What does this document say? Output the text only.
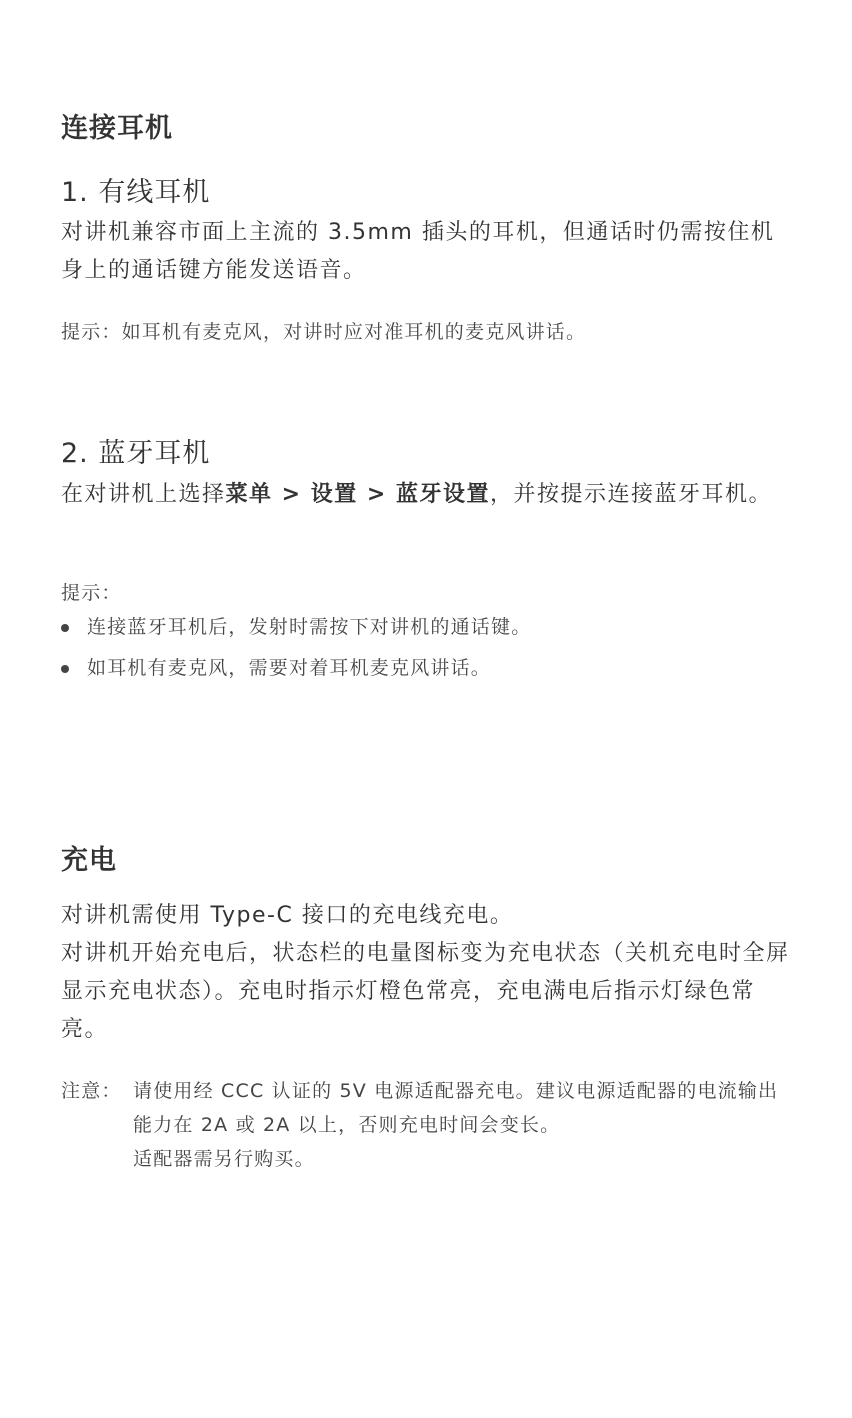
连接耳机
1. 有线耳机
对讲机兼容市面上主流的 3.5mm 插头的耳机，但通话时仍需按住机身上的通话键方能发送语音。
提示：如耳机有麦克风，对讲时应对准耳机的麦克风讲话。
2. 蓝牙耳机
在对讲机上选择菜单 > 设置 > 蓝牙设置，并按提示连接蓝牙耳机。
提示：
连接蓝牙耳机后，发射时需按下对讲机的通话键。
如耳机有麦克风，需要对着耳机麦克风讲话。
充电
对讲机需使用 Type-C 接口的充电线充电。
对讲机开始充电后，状态栏的电量图标变为充电状态（关机充电时全屏显示充电状态）。充电时指示灯橙色常亮，充电满电后指示灯绿色常亮。
注意： 请使用经 CCC 认证的 5V 电源适配器充电。建议电源适配器的电流输出能力在 2A 或 2A 以上，否则充电时间会变长。
适配器需另行购买。
